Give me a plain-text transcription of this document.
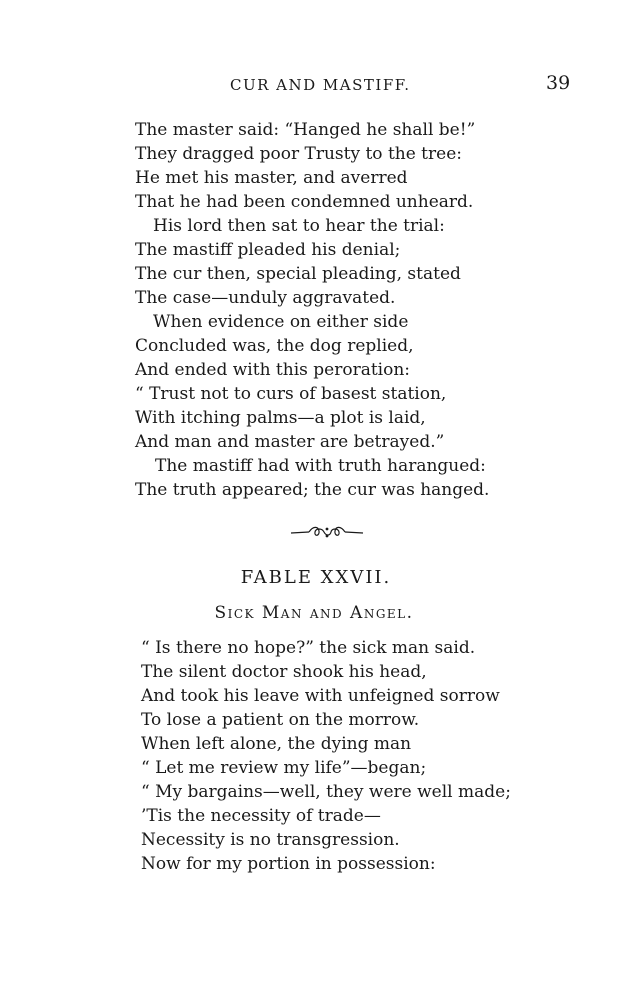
CUR AND MASTIFF.	39
The master said: “Hanged he shall be!”
They dragged poor Trusty to the tree:
He met his master, and averred
That he had been condemned unheard.
His lord then sat to hear the trial:
The mastiff pleaded his denial;
The cur then, special pleading, stated
The case—unduly aggravated.
When evidence on either side
Concluded was, the dog replied,
And ended with this peroration:
“ Trust not to curs of basest station,
With itching palms—a plot is laid,
And man and master are betrayed.”
The mastiff had with truth harangued:
The truth appeared; the cur was hanged.
FABLE XXVII.
Sick Man and Angel.
“ Is there no hope?” the sick man said.
The silent doctor shook his head,
And took his leave with unfeigned sorrow
To lose a patient on the morrow.
When left alone, the dying man
“ Let me review my life”—began;
“ My bargains—well, they were well made;
’Tis the necessity of trade—
Necessity is no transgression.
Now for my portion in possession:
